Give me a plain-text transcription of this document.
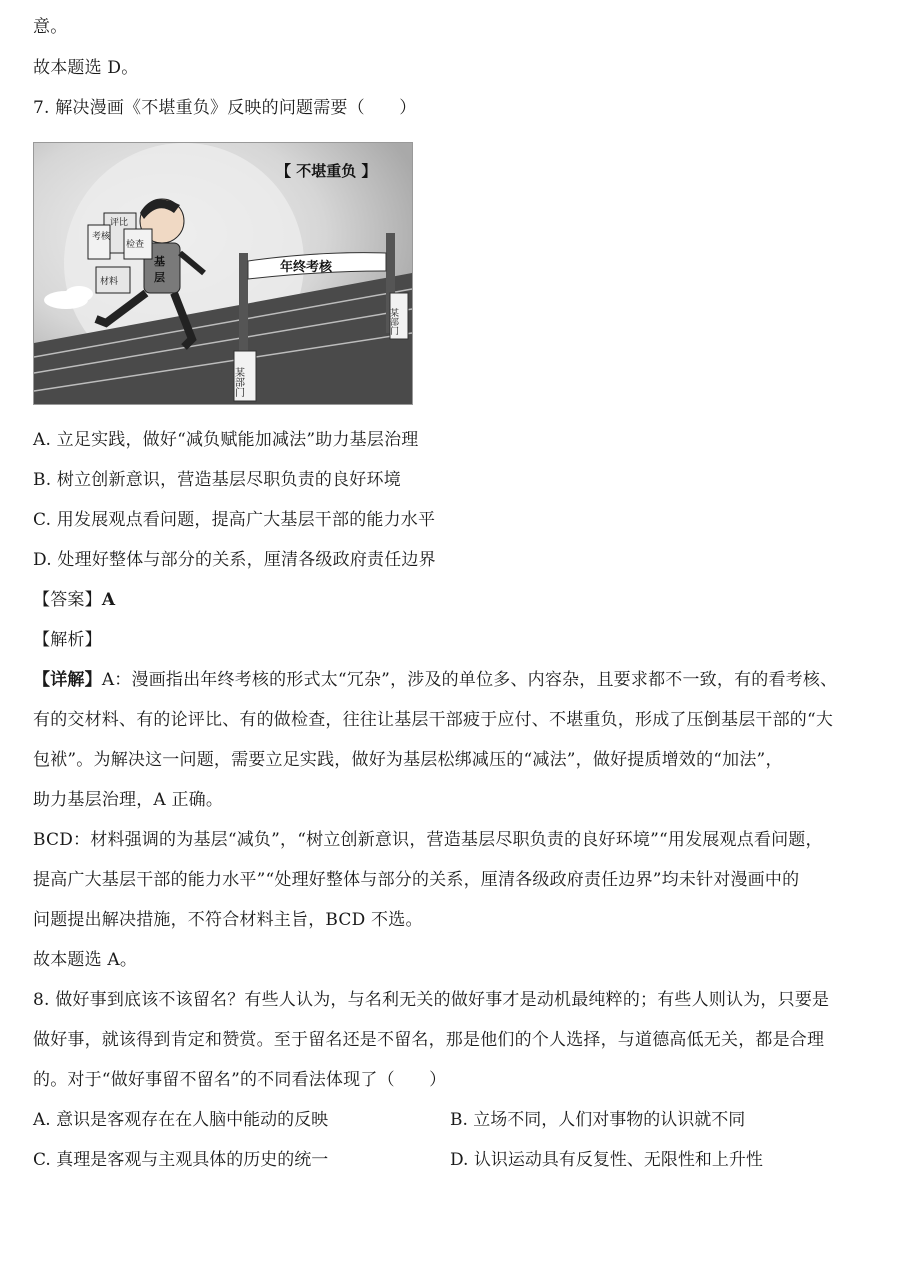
意。
故本题选 D。
7. 解决漫画《不堪重负》反映的问题需要（　　）
【 不堪重负 】
年终考核
某部门
某部门
基
层
评比
考核
检查
材料
A. 立足实践，做好“减负赋能加减法”助力基层治理
B. 树立创新意识，营造基层尽职负责的良好环境
C. 用发展观点看问题，提高广大基层干部的能力水平
D. 处理好整体与部分的关系，厘清各级政府责任边界
【答案】A
【解析】
【详解】A：漫画指出年终考核的形式太“冗杂”，涉及的单位多、内容杂，且要求都不一致，有的看考核、
有的交材料、有的论评比、有的做检查，往往让基层干部疲于应付、不堪重负，形成了压倒基层干部的“大
包袱”。为解决这一问题，需要立足实践，做好为基层松绑减压的“减法”，做好提质增效的“加法”，
助力基层治理，A 正确。
BCD：材料强调的为基层“减负”，“树立创新意识，营造基层尽职负责的良好环境”“用发展观点看问题，
提高广大基层干部的能力水平”“处理好整体与部分的关系，厘清各级政府责任边界”均未针对漫画中的
问题提出解决措施，不符合材料主旨，BCD 不选。
故本题选 A。
8. 做好事到底该不该留名？有些人认为，与名利无关的做好事才是动机最纯粹的；有些人则认为，只要是
做好事，就该得到肯定和赞赏。至于留名还是不留名，那是他们的个人选择，与道德高低无关，都是合理
的。对于“做好事留不留名”的不同看法体现了（　　）
A. 意识是客观存在在人脑中能动的反映	B. 立场不同，人们对事物的认识就不同
C. 真理是客观与主观具体的历史的统一	D. 认识运动具有反复性、无限性和上升性
